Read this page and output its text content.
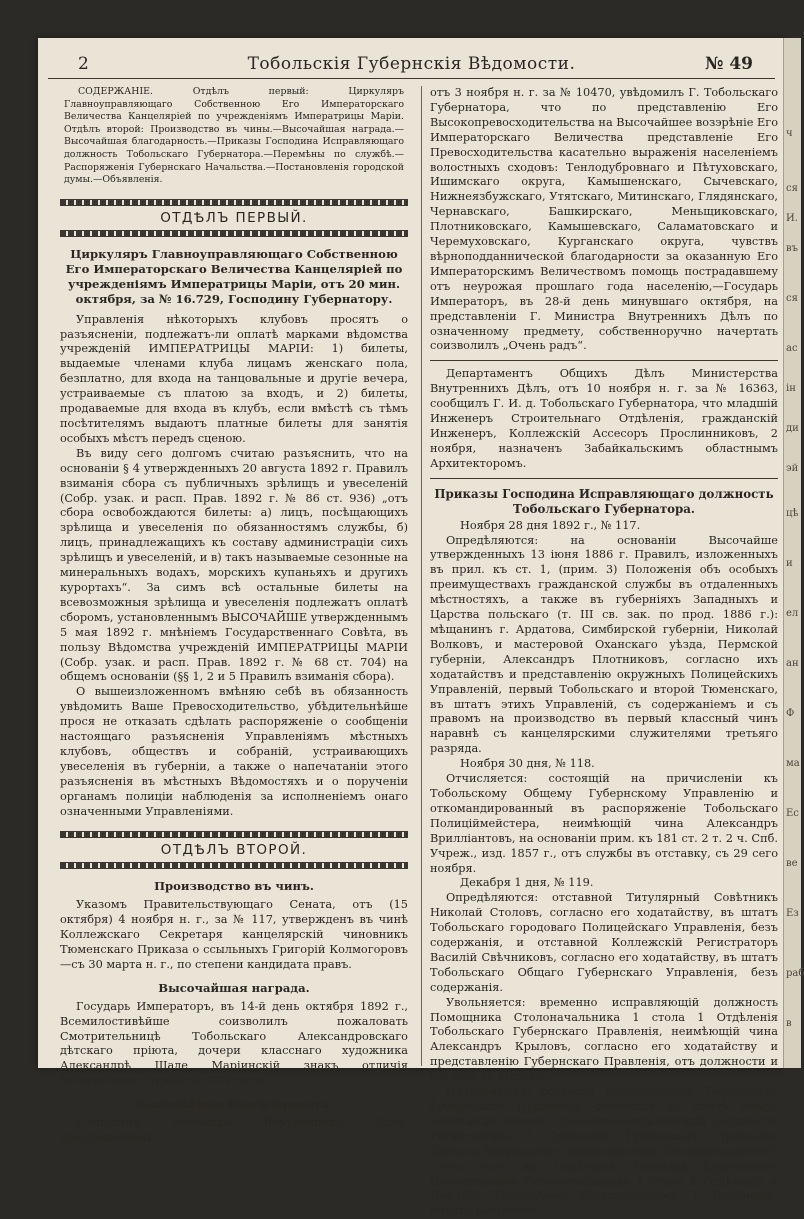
2	Тобольскія Губернскія Вѣдомости.	№ 49

СОДЕРЖАНІЕ. Отдѣлъ первый: Циркуляръ Главноуправляющаго Собственною Его Императорскаго Величества Канцеляріей по учрежденіямъ Императрицы Маріи. Отдѣлъ второй: Производство въ чины.—Высочайшая награда.—Высочайшая благодарность.—Приказы Господина Исправляющаго должность Тобольскаго Губернатора.—Перемѣны по службѣ.—Распоряженія Губернскаго Начальства.—Постановленія городской думы.—Объявленія.

ОТДѢЛЪ ПЕРВЫЙ.
Циркуляръ Главноуправляющаго Собственною Его Императорскаго Величества Канцеляріей по учрежденіямъ Императрицы Маріи, отъ 20 мин. октября, за № 16.729, Господину Губернатору.

Управленія нѣкоторыхъ клубовъ просятъ о разъясненіи, подлежатъ-ли оплатѣ марками вѣдомства учрежденій ИМПЕРАТРИЦЫ МАРІИ: 1) билеты, выдаемые членами клуба лицамъ женскаго пола, безплатно, для входа на танцовальные и другіе вечера, устраиваемые съ платою за входъ, и 2) билеты, продаваемые для входа въ клубъ, если вмѣстѣ съ тѣмъ посѣтителямъ выдаютъ платные билеты для занятія особыхъ мѣстъ передъ сценою.

Въ виду сего долгомъ считаю разъяснить, что на основаніи § 4 утвержденныхъ 20 августа 1892 г. Правилъ взиманія сбора съ публичныхъ зрѣлищъ и увеселеній (Собр. узак. и расп. Прав. 1892 г. № 86 ст. 936) „отъ сбора освобождаются билеты: а) лицъ, посѣщающихъ зрѣлища и увеселенія по обязанностямъ службы, б) лицъ, принадлежащихъ къ составу администраціи сихъ зрѣлищъ и увеселеній, и в) такъ называемые сезонные на минеральныхъ водахъ, морскихъ купаньяхъ и другихъ курортахъ“. За симъ всѣ остальные билеты на всевозможныя зрѣлища и увеселенія подлежатъ оплатѣ сборомъ, установленнымъ ВЫСОЧАЙШЕ утвержденнымъ 5 мая 1892 г. мнѣніемъ Государственнаго Совѣта, въ пользу Вѣдомства учрежденій ИМПЕРАТРИЦЫ МАРІИ (Собр. узак. и расп. Прав. 1892 г. № 68 ст. 704) на общемъ основаніи (§§ 1, 2 и 5 Правилъ взиманія сбора).

О вышеизложенномъ вмѣняю себѣ въ обязанность увѣдомить Ваше Превосходительство, убѣдительнѣйше прося не отказать сдѣлать распоряженіе о сообщеніи настоящаго разъясненія Управленіямъ мѣстныхъ клубовъ, обществъ и собраній, устраивающихъ увеселенія въ губерніи, а также о напечатаніи этого разъясненія въ мѣстныхъ Вѣдомостяхъ и о порученіи органамъ полиціи наблюденія за исполненіемъ онаго означенными Управленіями.

ОТДѢЛЪ ВТОРОЙ.
Производство въ чинъ.

Указомъ Правительствующаго Сената, отъ (15 октября) 4 ноября н. г., за № 117, утвержденъ въ чинѣ Коллежскаго Секретаря канцелярскій чиновникъ Тюменскаго Приказа о ссыльныхъ Григорій Колмогоровъ—съ 30 марта н. г., по степени кандидата правъ.

Высочайшая награда.

Государь Императоръ, въ 14-й день октября 1892 г., Всемилостивѣйше соизволилъ пожаловать Смотрительницѣ Тобольскаго Александровскаго дѣтскаго пріюта, дочери класснаго художника Александрѣ Шаде Маріинскій знакъ отличія безпорочной службы за XXV лѣтъ.

Высочайшая благодарность.

Господинъ Министръ Внутреннихъ Дѣлъ, предложеніемъ

отъ 3 ноября н. г. за № 10470, увѣдомилъ Г. Тобольскаго Губернатора, что по представленію Его Высокопревосходительства на Высочайшее возэрѣніе Его Императорскаго Величества представленіе Его Превосходительства касательно выраженія населеніемъ волостныхъ сходовъ: Тенлодубровнаго и Пѣтуховскаго, Ишимскаго округа, Камышенскаго, Сычевскаго, Нижнеязбужскаго, Утятскаго, Митинскаго, Глядянскаго, Чернавскаго, Башкирскаго, Меньщиковскаго, Плотниковскаго, Камышевскаго, Саламатовскаго и Черемуховскаго, Курганскаго округа, чувствъ вѣрноподданнической благодарности за оказанную Его Императорскимъ Величествомъ помощь пострадавшему отъ неурожая прошлаго года населенію,—Государь Императоръ, въ 28-й день минувшаго октября, на представленіи Г. Министра Внутреннихъ Дѣлъ по означенному предмету, собственноручно начертать соизволилъ „Очень радъ“.

Департаментъ Общихъ Дѣлъ Министерства Внутреннихъ Дѣлъ, отъ 10 ноября н. г. за № 16363, сообщилъ Г. И. д. Тобольскаго Губернатора, что младшій Инженеръ Строительнаго Отдѣленія, гражданскій Инженеръ, Коллежскій Ассесоръ Прослинниковъ, 2 ноября, назначенъ Забайкальскимъ областнымъ Архитекторомъ.

Приказы Господина Исправляющаго должность Тобольскаго Губернатора.

Ноября 28 дня 1892 г., № 117.

Опредѣляются: на основаніи Высочайше утвержденныхъ 13 іюня 1886 г. Правилъ, изложенныхъ въ прил. къ ст. 1, (прим. 3) Положенія объ особыхъ преимуществахъ гражданской службы въ отдаленныхъ мѣстностяхъ, а также въ губерніяхъ Западныхъ и Царства польскаго (т. III св. зак. по прод. 1886 г.): мѣщанинъ г. Ардатова, Симбирской губерніи, Николай Волковъ, и мастеровой Оханскаго уѣзда, Пермской губерніи, Александръ Плотниковъ, согласно ихъ ходатайствъ и представленію окружныхъ Полицейскихъ Управленій, первый Тобольскаго и второй Тюменскаго, въ штатъ этихъ Управленій, съ содержаніемъ и съ правомъ на производство въ первый классный чинъ наравнѣ съ канцелярскими служителями третьяго разряда.

Ноября 30 дня, № 118.

Отчисляется: состоящій на причисленіи къ Тобольскому Общему Губернскому Управленію и откомандированный въ распоряженіе Тобольскаго Полиціймейстера, неимѣющій чина Александръ Вриллiантовъ, на основаніи прим. къ 181 ст. 2 т. 2 ч. Спб. Учреж., изд. 1857 г., отъ службы въ отставку, съ 29 сего ноября.

Декабря 1 дня, № 119.

Опредѣляются: отставной Титулярный Совѣтникъ Николай Столовъ, согласно его ходатайству, въ штатъ Тобольскаго городоваго Полицейскаго Управленія, безъ содержанія, и отставной Коллежскій Регистраторъ Василій Свѣчниковъ, согласно его ходатайству, въ штатъ Тобольскаго Общаго Губернскаго Управленія, безъ содержанія.

Увольняется: временно исправляющій должность Помощника Столоначальника 1 стола 1 Отдѣленія Тобольскаго Губернскаго Правленія, неимѣющій чина Александръ Крыловъ, согласно его ходатайству и представленію Губернскаго Правленія, отъ должности и службы въ отставку.

Назначаются: согласно представленію Тобольскаго Губернскаго Правленія, состоящіе въ штатѣ онаго, неимѣющіе чиновъ: временно-исправляющій должность Регистратора 1 Отдѣленія Губернскаго Правленія Даніилъ Вояриченко—Помощникомъ Столоначальника 2 стола того же Отдѣленія, Николай Кузнецовъ—Помощникомъ Столоначальника 1 стола 1 Отдѣленія и Дмитрій Голошубинъ—Регистраторомъ 1 Отдѣленія, вмѣсто Боярченко.

ч
ся
И.
въ
ся
ас
ін
ди
эй
цѣ
и
ел
ан
Ф
ма
Ес
ве
Ез
раб
в
